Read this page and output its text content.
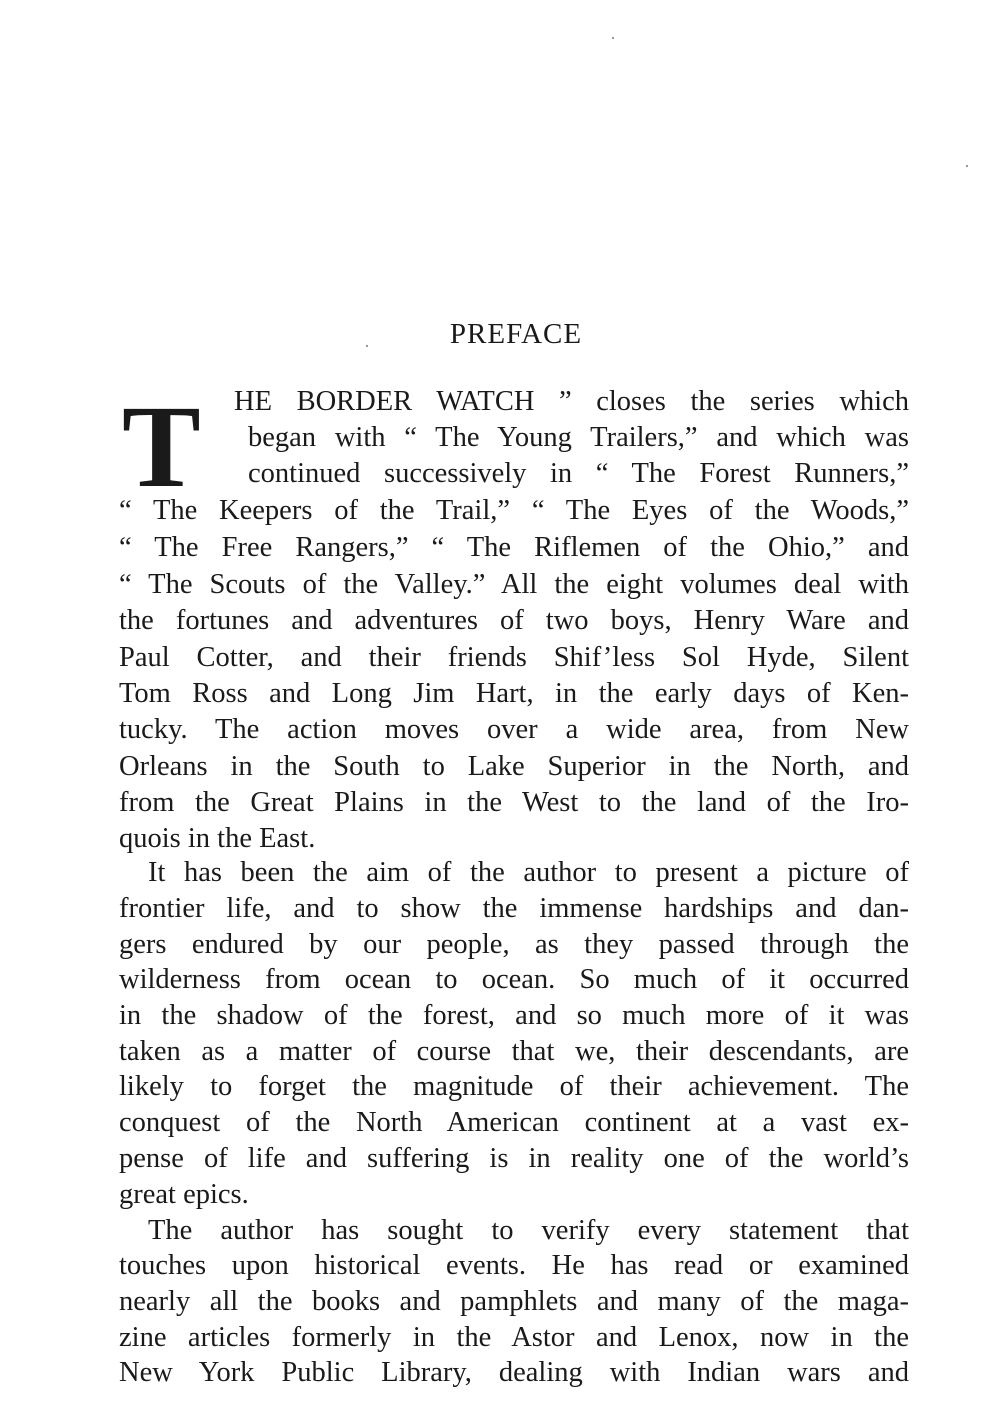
PREFACE
T HE BORDER WATCH ” closes the series which
began with “ The Young Trailers,” and which was
continued successively in “ The Forest Runners,”
“ The Keepers of the Trail,” “ The Eyes of the Woods,”
“ The Free Rangers,” “ The Riflemen of the Ohio,” and
“ The Scouts of the Valley.” All the eight volumes deal with
the fortunes and adventures of two boys, Henry Ware and
Paul Cotter, and their friends Shif’less Sol Hyde, Silent
Tom Ross and Long Jim Hart, in the early days of Ken-
tucky. The action moves over a wide area, from New
Orleans in the South to Lake Superior in the North, and
from the Great Plains in the West to the land of the Iro-
quois in the East.
It has been the aim of the author to present a picture of
frontier life, and to show the immense hardships and dan-
gers endured by our people, as they passed through the
wilderness from ocean to ocean. So much of it occurred
in the shadow of the forest, and so much more of it was
taken as a matter of course that we, their descendants, are
likely to forget the magnitude of their achievement. The
conquest of the North American continent at a vast ex-
pense of life and suffering is in reality one of the world’s
great epics.
The author has sought to verify every statement that
touches upon historical events. He has read or examined
nearly all the books and pamphlets and many of the maga-
zine articles formerly in the Astor and Lenox, now in the
New York Public Library, dealing with Indian wars and
